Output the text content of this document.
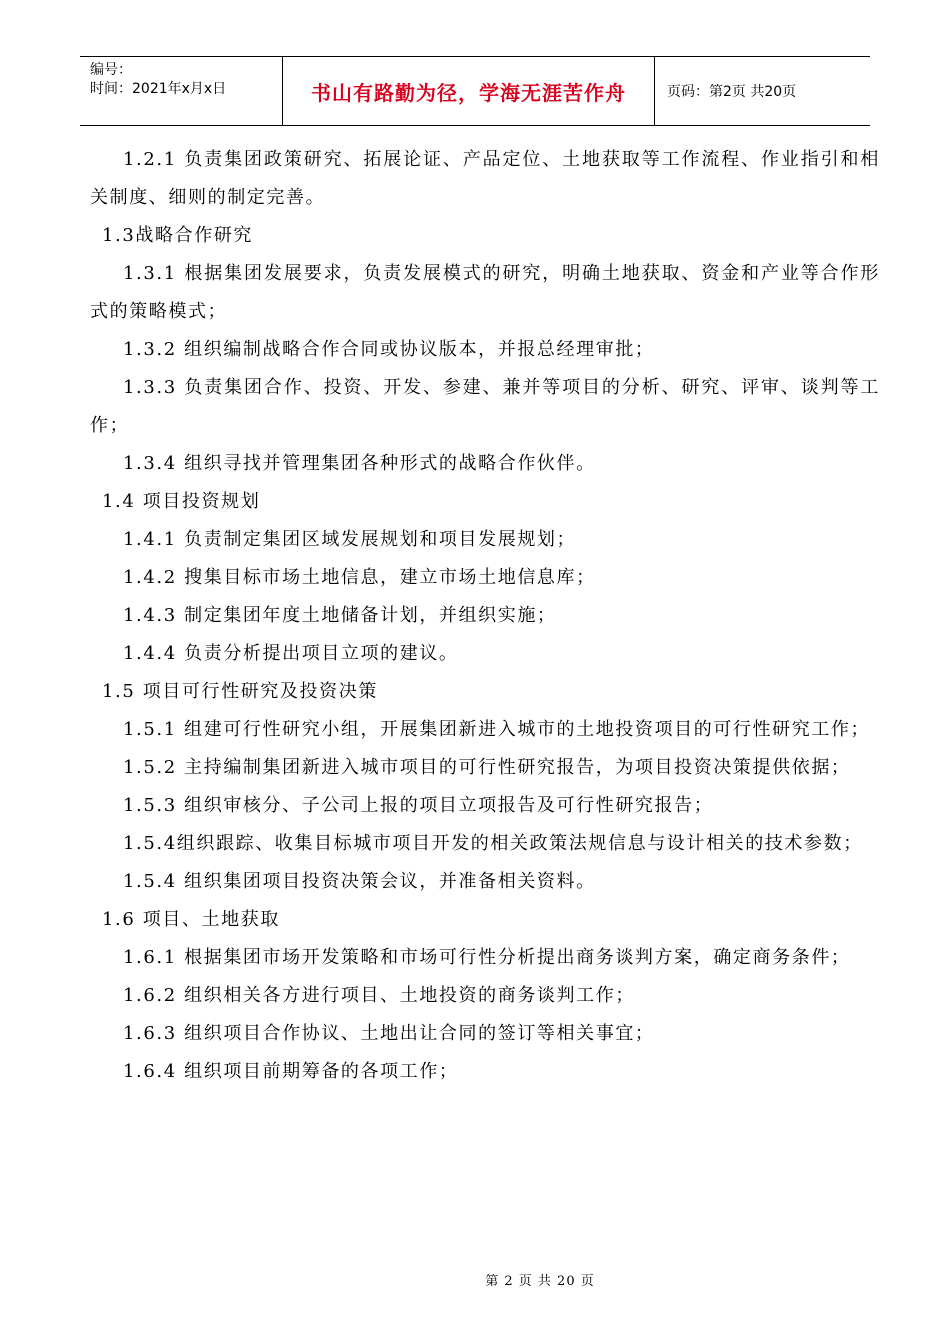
编号：
时间：2021年x月x日	书山有路勤为径，学海无涯苦作舟	页码：第2页 共20页

1.2.1 负责集团政策研究、拓展论证、产品定位、土地获取等工作流程、作业指引和相关制度、细则的制定完善。

1.3战略合作研究

1.3.1 根据集团发展要求，负责发展模式的研究，明确土地获取、资金和产业等合作形式的策略模式；

1.3.2 组织编制战略合作合同或协议版本，并报总经理审批；

1.3.3 负责集团合作、投资、开发、参建、兼并等项目的分析、研究、评审、谈判等工作；

1.3.4 组织寻找并管理集团各种形式的战略合作伙伴。

1.4 项目投资规划

1.4.1 负责制定集团区域发展规划和项目发展规划；

1.4.2 搜集目标市场土地信息，建立市场土地信息库；

1.4.3 制定集团年度土地储备计划，并组织实施；

1.4.4 负责分析提出项目立项的建议。

1.5 项目可行性研究及投资决策

1.5.1 组建可行性研究小组，开展集团新进入城市的土地投资项目的可行性研究工作；

1.5.2 主持编制集团新进入城市项目的可行性研究报告，为项目投资决策提供依据；

1.5.3 组织审核分、子公司上报的项目立项报告及可行性研究报告；

1.5.4组织跟踪、收集目标城市项目开发的相关政策法规信息与设计相关的技术参数；

1.5.4 组织集团项目投资决策会议，并准备相关资料。

1.6 项目、土地获取

1.6.1 根据集团市场开发策略和市场可行性分析提出商务谈判方案，确定商务条件；

1.6.2 组织相关各方进行项目、土地投资的商务谈判工作；

1.6.3 组织项目合作协议、土地出让合同的签订等相关事宜；

1.6.4 组织项目前期筹备的各项工作；

第 2 页 共 20 页
